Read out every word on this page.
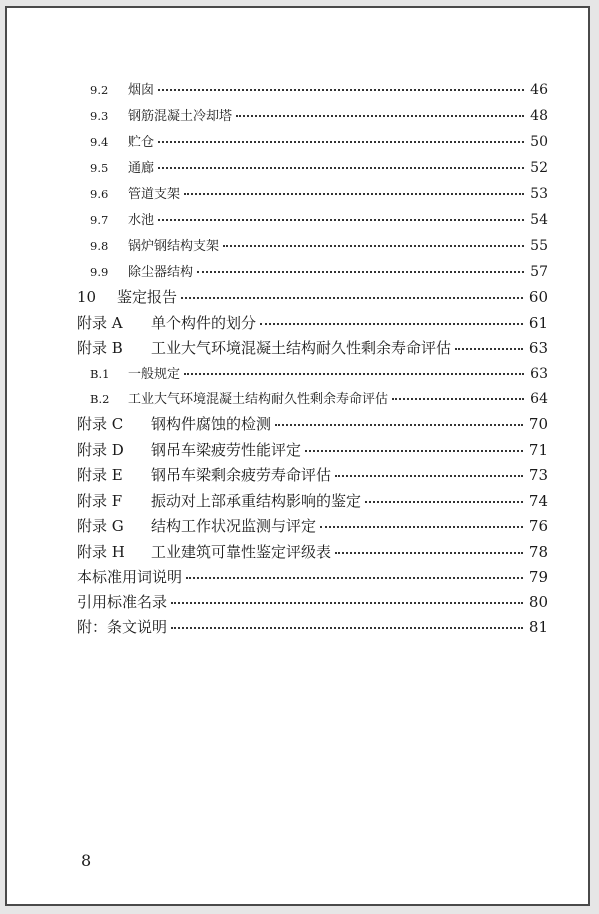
9.2	烟囱	46
9.3	钢筋混凝土冷却塔	48
9.4	贮仓	50
9.5	通廊	52
9.6	管道支架	53
9.7	水池	54
9.8	锅炉钢结构支架	55
9.9	除尘器结构	57
10	鉴定报告	60
附录 A	单个构件的划分	61
附录 B	工业大气环境混凝土结构耐久性剩余寿命评估	63
B.1	一般规定	63
B.2	工业大气环境混凝土结构耐久性剩余寿命评估	64
附录 C	钢构件腐蚀的检测	70
附录 D	钢吊车梁疲劳性能评定	71
附录 E	钢吊车梁剩余疲劳寿命评估	73
附录 F	振动对上部承重结构影响的鉴定	74
附录 G	结构工作状况监测与评定	76
附录 H	工业建筑可靠性鉴定评级表	78
本标准用词说明	79
引用标准名录	80
附：条文说明	81
8
